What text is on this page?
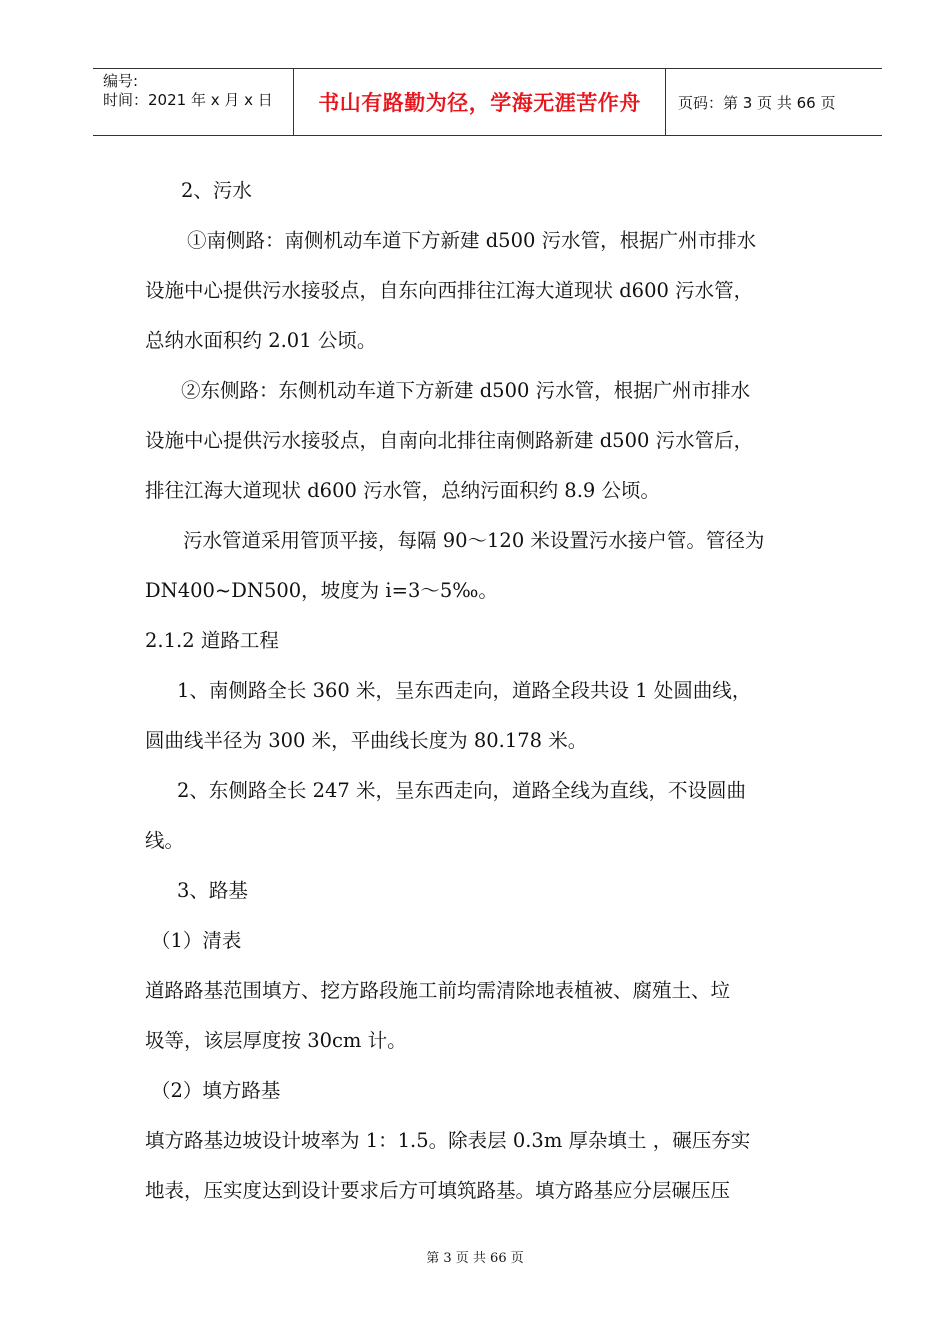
编号:
时间：2021 年 x 月 x 日	书山有路勤为径，学海无涯苦作舟 页码：第 3 页 共 66 页

2、污水

①南侧路：南侧机动车道下方新建 d500 污水管，根据广州市排水

设施中心提供污水接驳点，自东向西排往江海大道现状 d600 污水管，

总纳水面积约 2.01 公顷。

②东侧路：东侧机动车道下方新建 d500 污水管，根据广州市排水

设施中心提供污水接驳点，自南向北排往南侧路新建 d500 污水管后，

排往江海大道现状 d600 污水管，总纳污面积约 8.9 公顷。

污水管道采用管顶平接，每隔 90～120 米设置污水接户管。管径为

DN400~DN500，坡度为 i=3～5‰。

2.1.2 道路工程

1、南侧路全长 360 米，呈东西走向，道路全段共设 1 处圆曲线，

圆曲线半径为 300 米，平曲线长度为 80.178 米。

2、东侧路全长 247 米，呈东西走向，道路全线为直线，不设圆曲

线。

3、路基

（1）清表

道路路基范围填方、挖方路段施工前均需清除地表植被、腐殖土、垃

圾等，该层厚度按 30cm 计。

（2）填方路基

填方路基边坡设计坡率为 1：1.5。除表层 0.3m 厚杂填土 ，碾压夯实

地表，压实度达到设计要求后方可填筑路基。填方路基应分层碾压压

第 3 页 共 66 页
